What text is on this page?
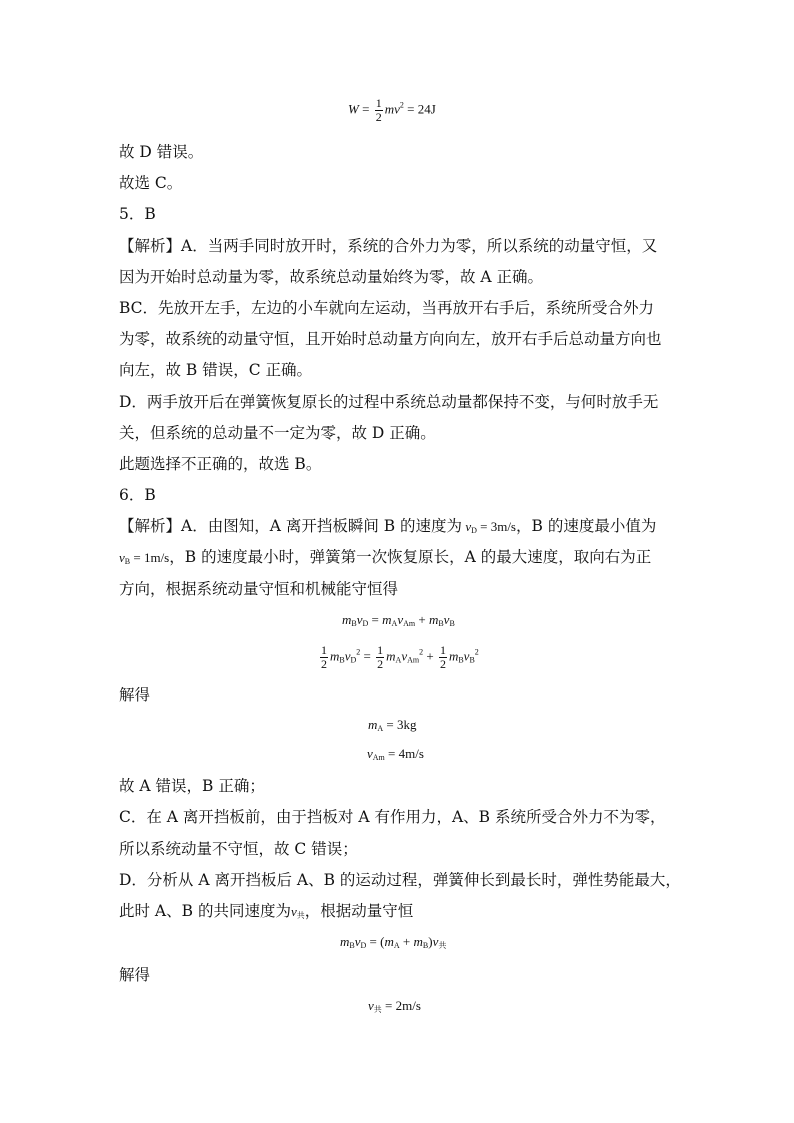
$W = \frac{1}{2} mv^2 = 24J$
故 D 错误。
故选 C。
5．B
【解析】A．当两手同时放开时，系统的合外力为零，所以系统的动量守恒，又
因为开始时总动量为零，故系统总动量始终为零，故 A 正确。
BC．先放开左手，左边的小车就向左运动，当再放开右手后，系统所受合外力
为零，故系统的动量守恒，且开始时总动量方向向左，放开右手后总动量方向也
向左，故 B 错误，C 正确。
D．两手放开后在弹簧恢复原长的过程中系统总动量都保持不变，与何时放手无
关，但系统的总动量不一定为零，故 D 正确。
此题选择不正确的，故选 B。
6．B
【解析】A．由图知，A 离开挡板瞬间 B 的速度为 $v_D = 3m/s$，B 的速度最小值为
$v_B = 1m/s$，B 的速度最小时，弹簧第一次恢复原长，A 的最大速度，取向右为正
方向，根据系统动量守恒和机械能守恒得
$m_Bv_D = m_Av_{Am} + m_Bv_B$
$\frac{1}{2} m_Bv_D^2 = \frac{1}{2} m_Av_{Am}^2 + \frac{1}{2} m_Bv_B^2$
解得
$m_A = 3kg$
$v_{Am} = 4m/s$
故 A 错误，B 正确；
C．在 A 离开挡板前，由于挡板对 A 有作用力，A、B 系统所受合外力不为零，
所以系统动量不守恒，故 C 错误；
D．分析从 A 离开挡板后 A、B 的运动过程，弹簧伸长到最长时，弹性势能最大，
此时 A、B 的共同速度为$v_共$，根据动量守恒
$m_Bv_D = (m_A + m_B)v_共$
解得
$v_共 = 2m/s$
